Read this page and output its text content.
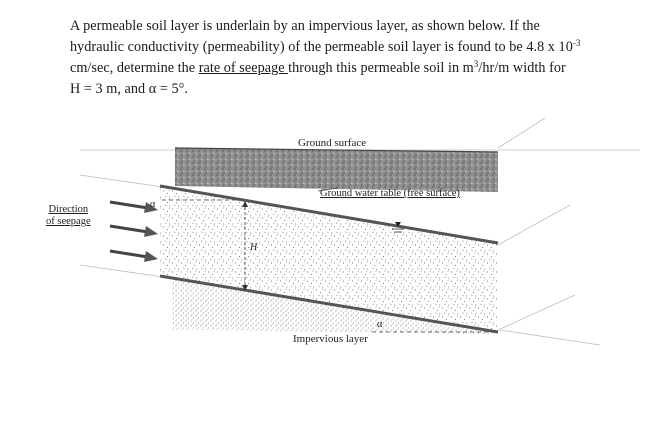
A permeable soil layer is underlain by an impervious layer, as shown below. If the
hydraulic conductivity (permeability) of the permeable soil layer is found to be 4.8 x $10^{-3}$
cm/sec, determine the rate of seepage through this permeable soil in $m^3/hr/m$ width for
H = 3 m, and α = 5°.
Ground surface
Ground water table (free surface)
H
α
α
Impervious layer
Direction
of seepage
